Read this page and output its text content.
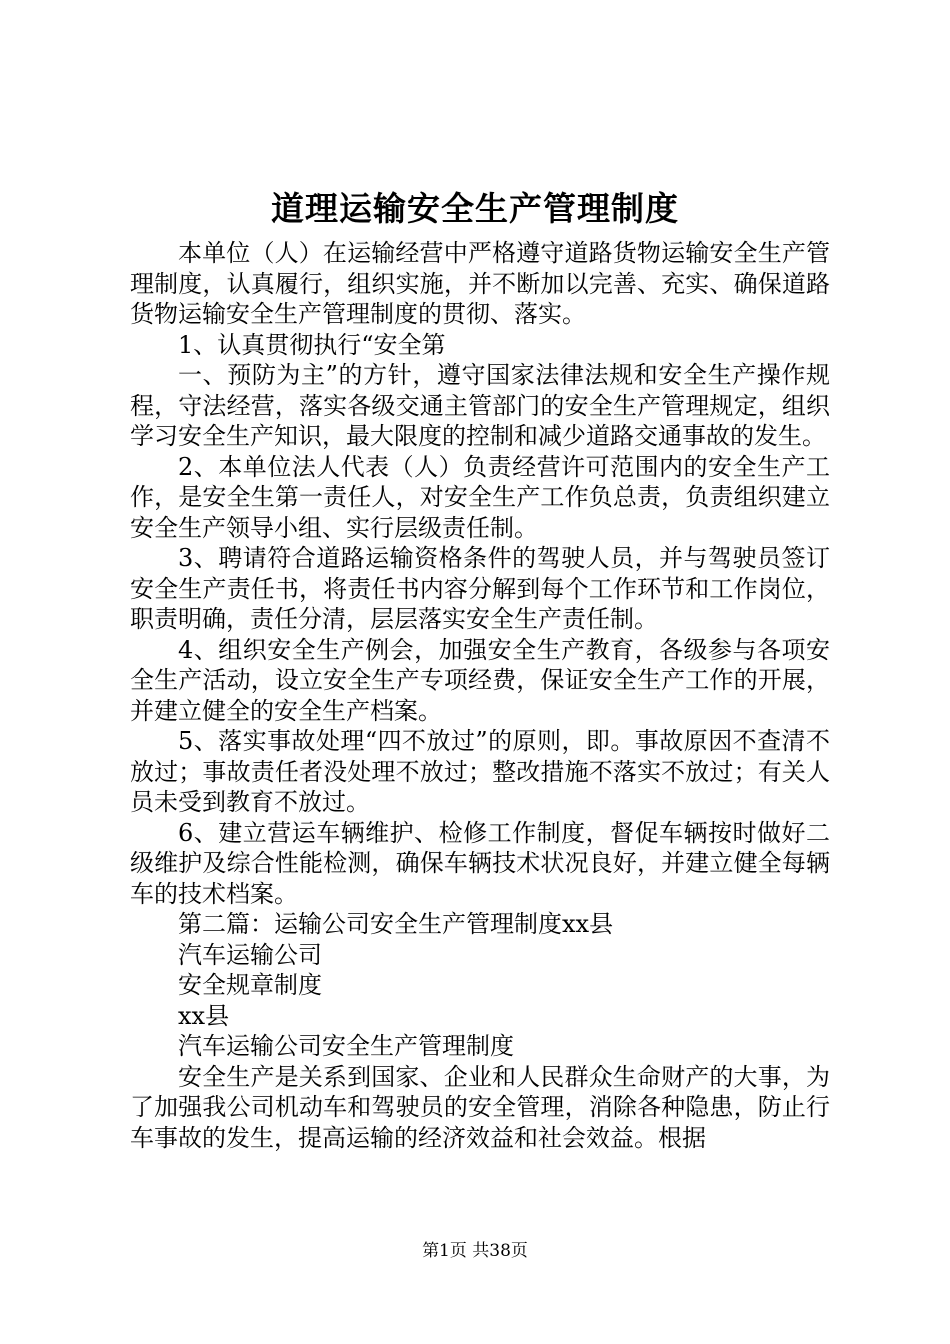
道理运输安全生产管理制度

本单位（人）在运输经营中严格遵守道路货物运输安全生产管理制度，认真履行，组织实施，并不断加以完善、充实、确保道路货物运输安全生产管理制度的贯彻、落实。

1、认真贯彻执行“安全第

一、预防为主”的方针，遵守国家法律法规和安全生产操作规程，守法经营，落实各级交通主管部门的安全生产管理规定，组织学习安全生产知识，最大限度的控制和减少道路交通事故的发生。

2、本单位法人代表（人）负责经营许可范围内的安全生产工作，是安全生第一责任人，对安全生产工作负总责，负责组织建立安全生产领导小组、实行层级责任制。

3、聘请符合道路运输资格条件的驾驶人员，并与驾驶员签订安全生产责任书，将责任书内容分解到每个工作环节和工作岗位，职责明确，责任分清，层层落实安全生产责任制。

4、组织安全生产例会，加强安全生产教育，各级参与各项安全生产活动，设立安全生产专项经费，保证安全生产工作的开展，并建立健全的安全生产档案。

5、落实事故处理“四不放过”的原则，即。事故原因不查清不放过；事故责任者没处理不放过；整改措施不落实不放过；有关人员未受到教育不放过。

6、建立营运车辆维护、检修工作制度，督促车辆按时做好二级维护及综合性能检测，确保车辆技术状况良好，并建立健全每辆车的技术档案。

第二篇：运输公司安全生产管理制度xx县

汽车运输公司

安全规章制度

xx县

汽车运输公司安全生产管理制度

安全生产是关系到国家、企业和人民群众生命财产的大事，为了加强我公司机动车和驾驶员的安全管理，消除各种隐患，防止行车事故的发生，提高运输的经济效益和社会效益。根据

第1页 共38页
